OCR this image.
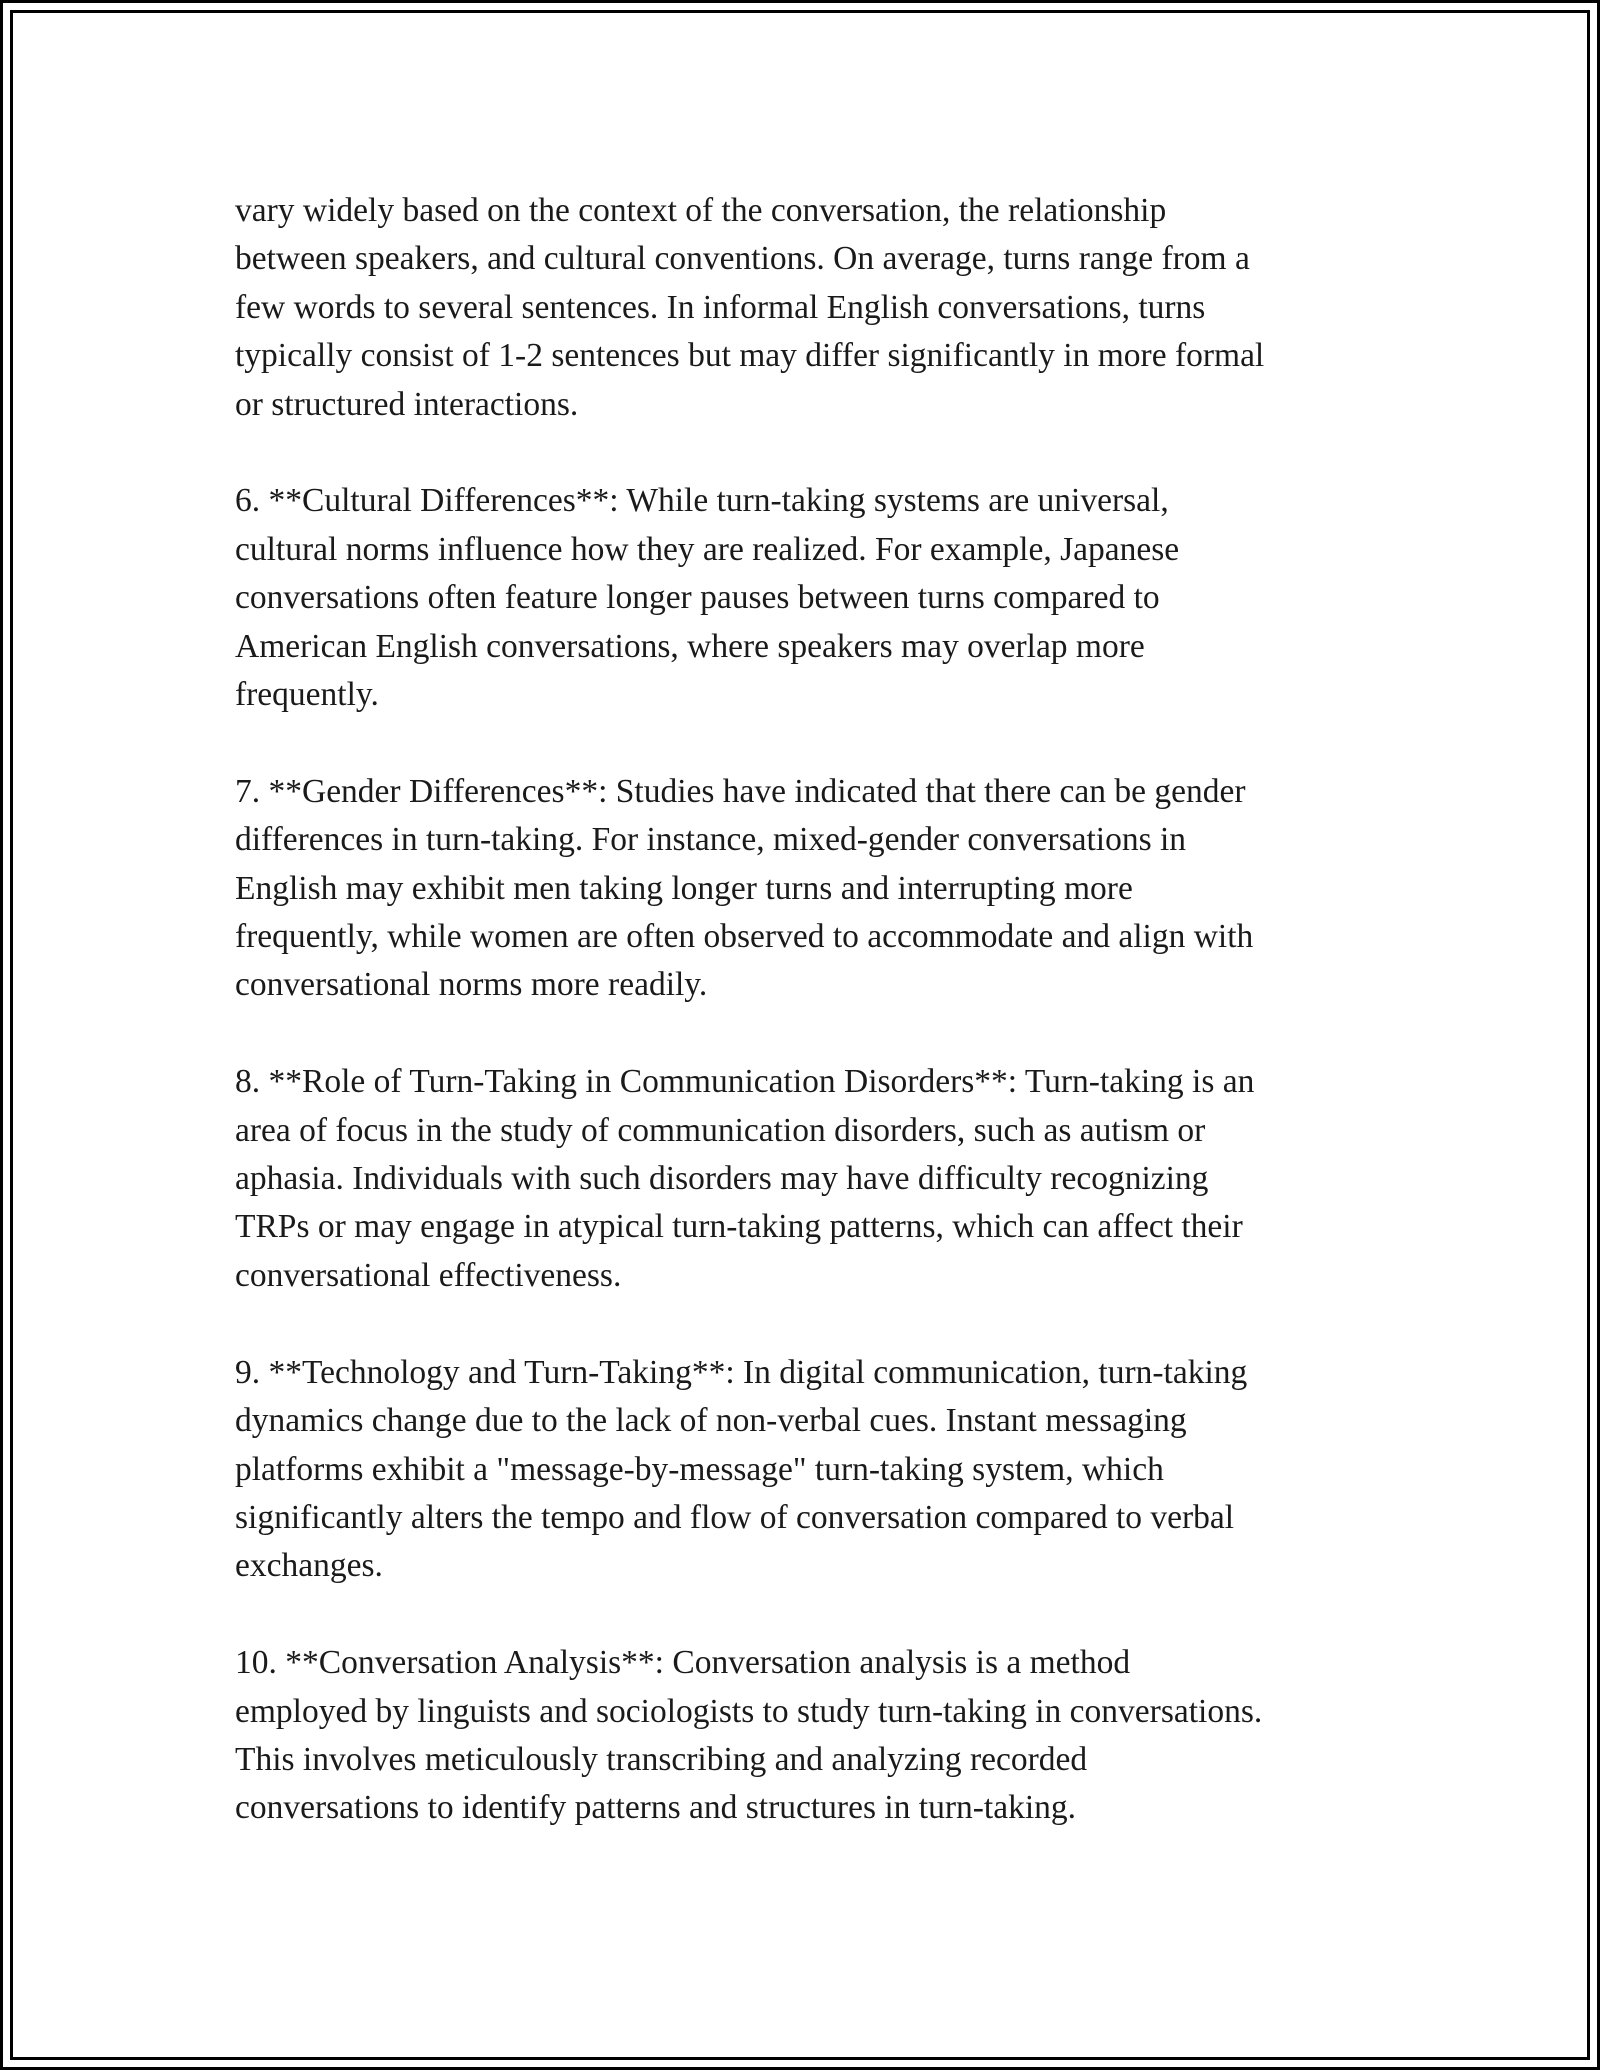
vary widely based on the context of the conversation, the relationship
between speakers, and cultural conventions. On average, turns range from a
few words to several sentences. In informal English conversations, turns
typically consist of 1-2 sentences but may differ significantly in more formal
or structured interactions.

6. **Cultural Differences**: While turn-taking systems are universal,
cultural norms influence how they are realized. For example, Japanese
conversations often feature longer pauses between turns compared to
American English conversations, where speakers may overlap more
frequently.

7. **Gender Differences**: Studies have indicated that there can be gender
differences in turn-taking. For instance, mixed-gender conversations in
English may exhibit men taking longer turns and interrupting more
frequently, while women are often observed to accommodate and align with
conversational norms more readily.

8. **Role of Turn-Taking in Communication Disorders**: Turn-taking is an
area of focus in the study of communication disorders, such as autism or
aphasia. Individuals with such disorders may have difficulty recognizing
TRPs or may engage in atypical turn-taking patterns, which can affect their
conversational effectiveness.

9. **Technology and Turn-Taking**: In digital communication, turn-taking
dynamics change due to the lack of non-verbal cues. Instant messaging
platforms exhibit a "message-by-message" turn-taking system, which
significantly alters the tempo and flow of conversation compared to verbal
exchanges.

10. **Conversation Analysis**: Conversation analysis is a method
employed by linguists and sociologists to study turn-taking in conversations.
This involves meticulously transcribing and analyzing recorded
conversations to identify patterns and structures in turn-taking.
